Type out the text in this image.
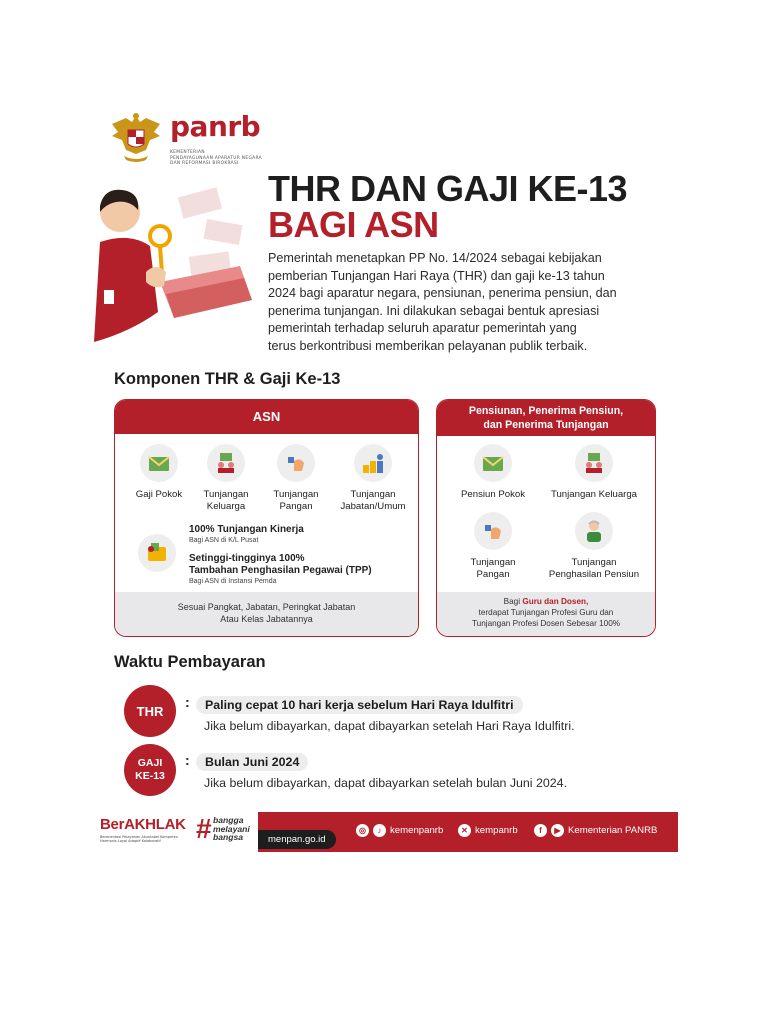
panrb
KEMENTERIAN
PENDAYAGUNAAN APARATUR NEGARA
DAN REFORMASI BIROKRASI
THR DAN GAJI KE-13
BAGI ASN
Pemerintah menetapkan PP No. 14/2024 sebagai kebijakan
pemberian Tunjangan Hari Raya (THR) dan gaji ke-13 tahun
2024 bagi aparatur negara, pensiunan, penerima pensiun, dan
penerima tunjangan. Ini dilakukan sebagai bentuk apresiasi
pemerintah terhadap seluruh aparatur pemerintah yang
terus berkontribusi memberikan pelayanan publik terbaik.
Komponen THR & Gaji Ke-13
ASN
Gaji Pokok	Tunjangan
Keluarga
Tunjangan
Pangan
Tunjangan
Jabatan/Umum
100% Tunjangan Kinerja
Bagi ASN di K/L Pusat
Setinggi-tingginya 100%
Tambahan Penghasilan Pegawai (TPP)
Bagi ASN di Instansi Pemda
Sesuai Pangkat, Jabatan, Peringkat Jabatan
Atau Kelas Jabatannya
Pensiunan, Penerima Pensiun,
dan Penerima Tunjangan
Pensiun Pokok	Tunjangan Keluarga
Tunjangan
Pangan
Tunjangan
Penghasilan Pensiun
Bagi Guru dan Dosen,
terdapat Tunjangan Profesi Guru dan
Tunjangan Profesi Dosen Sebesar 100%
Waktu Pembayaran
THR
:	Paling cepat 10 hari kerja sebelum Hari Raya Idulfitri
Jika belum dibayarkan, dapat dibayarkan setelah Hari Raya Idulfitri.
GAJI
KE-13
:	Bulan Juni 2024
Jika belum dibayarkan, dapat dibayarkan setelah bulan Juni 2024.
BerAKHLAK
Berorientasi Pelayanan Akuntabel Kompeten Harmonis Loyal Adaptif Kolaboratif	# bangga
melayani
bangsa	menpan.go.id
◎	♪ kemenpanrb	✕ kempanrb	f	▶ Kementerian PANRB
